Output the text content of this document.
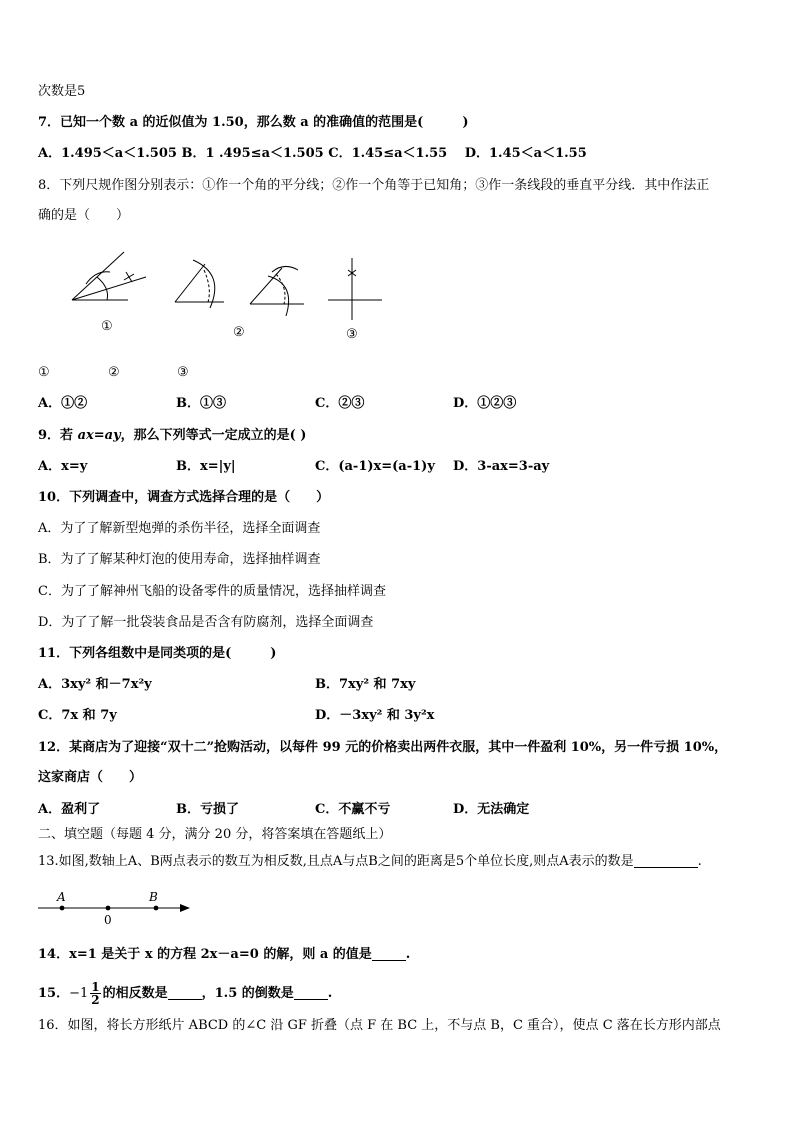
次数是5
7．已知一个数 a 的近似值为 1.50，那么数 a 的准确值的范围是(　　　)
A．1.495＜a＜1.505 B．1 .495≤a＜1.505 C．1.45≤a＜1.55　 D．1.45＜a＜1.55
8．下列尺规作图分别表示：①作一个角的平分线；②作一个角等于已知角；③作一条线段的垂直平分线．其中作法正
确的是（　　）
①	②	③
①	②	③
A．①②	B．①③	C．②③	D．①②③
9．若 ax=ay，那么下列等式一定成立的是( )
A．x=y	B．x=|y|	C．(a-1)x=(a-1)y D．3-ax=3-ay
10．下列调查中，调查方式选择合理的是（　　）
A．为了了解新型炮弹的杀伤半径，选择全面调查
B．为了了解某种灯泡的使用寿命，选择抽样调查
C．为了了解神州飞船的设备零件的质量情况，选择抽样调查
D．为了了解一批袋装食品是否含有防腐剂，选择全面调查
11．下列各组数中是同类项的是(　　　)
A．3xy² 和－7x²y	B．7xy² 和 7xy
C．7x 和 7y	D．－3xy² 和 3y²x
12．某商店为了迎接“双十二”抢购活动，以每件 99 元的价格卖出两件衣服，其中一件盈利 10%，另一件亏损 10%，
这家商店（　　）
A．盈利了	B．亏损了	C．不赢不亏	D．无法确定
二、填空题（每题 4 分，满分 20 分，将答案填在答题纸上）
13.如图,数轴上A、B两点表示的数互为相反数,且点A与点B之间的距离是5个单位长度,则点A表示的数是	.
A	B
0
14．x=1 是关于 x 的方程 2x－a=0 的解，则 a 的值是	.
15．$-1 \frac{1}{2}$ 的相反数是	，1.5 的倒数是	.
16．如图，将长方形纸片 ABCD 的∠C 沿 GF 折叠（点 F 在 BC 上，不与点 B，C 重合），使点 C 落在长方形内部点
